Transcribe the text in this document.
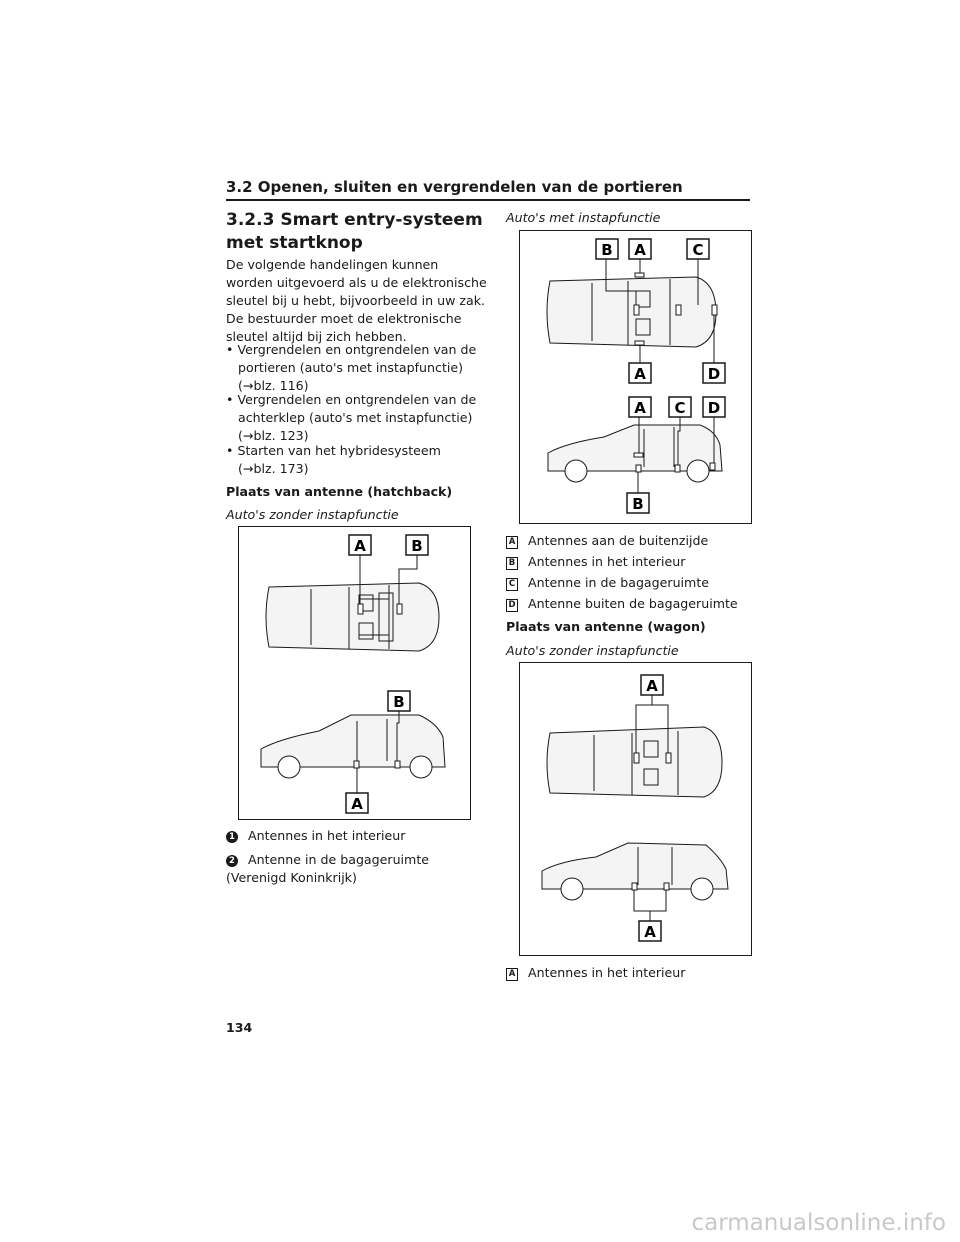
3.2 Openen, sluiten en vergrendelen van de portieren
3.2.3 Smart entry-systeem met startknop
De volgende handelingen kunnen worden uitgevoerd als u de elektronische sleutel bij u hebt, bijvoorbeeld in uw zak. De bestuurder moet de elektronische sleutel altijd bij zich hebben.
• Vergrendelen en ontgrendelen van de portieren (auto's met instapfunctie)
(→blz. 116)
• Vergrendelen en ontgrendelen van de achterklep (auto's met instapfunctie)
(→blz. 123)
• Starten van het hybridesysteem
(→blz. 173)
Plaats van antenne (hatchback)
Auto's zonder instapfunctie
A	B
B
A
1 Antennes in het interieur
2 Antenne in de bagageruimte (Verenigd Koninkrijk)
Auto's met instapfunctie
B A	C
A	D
A C D
B
A Antennes aan de buitenzijde
B Antennes in het interieur
C Antenne in de bagageruimte
D Antenne buiten de bagageruimte
Plaats van antenne (wagon)
Auto's zonder instapfunctie
A
A
A Antennes in het interieur
134
carmanualsonline.info
